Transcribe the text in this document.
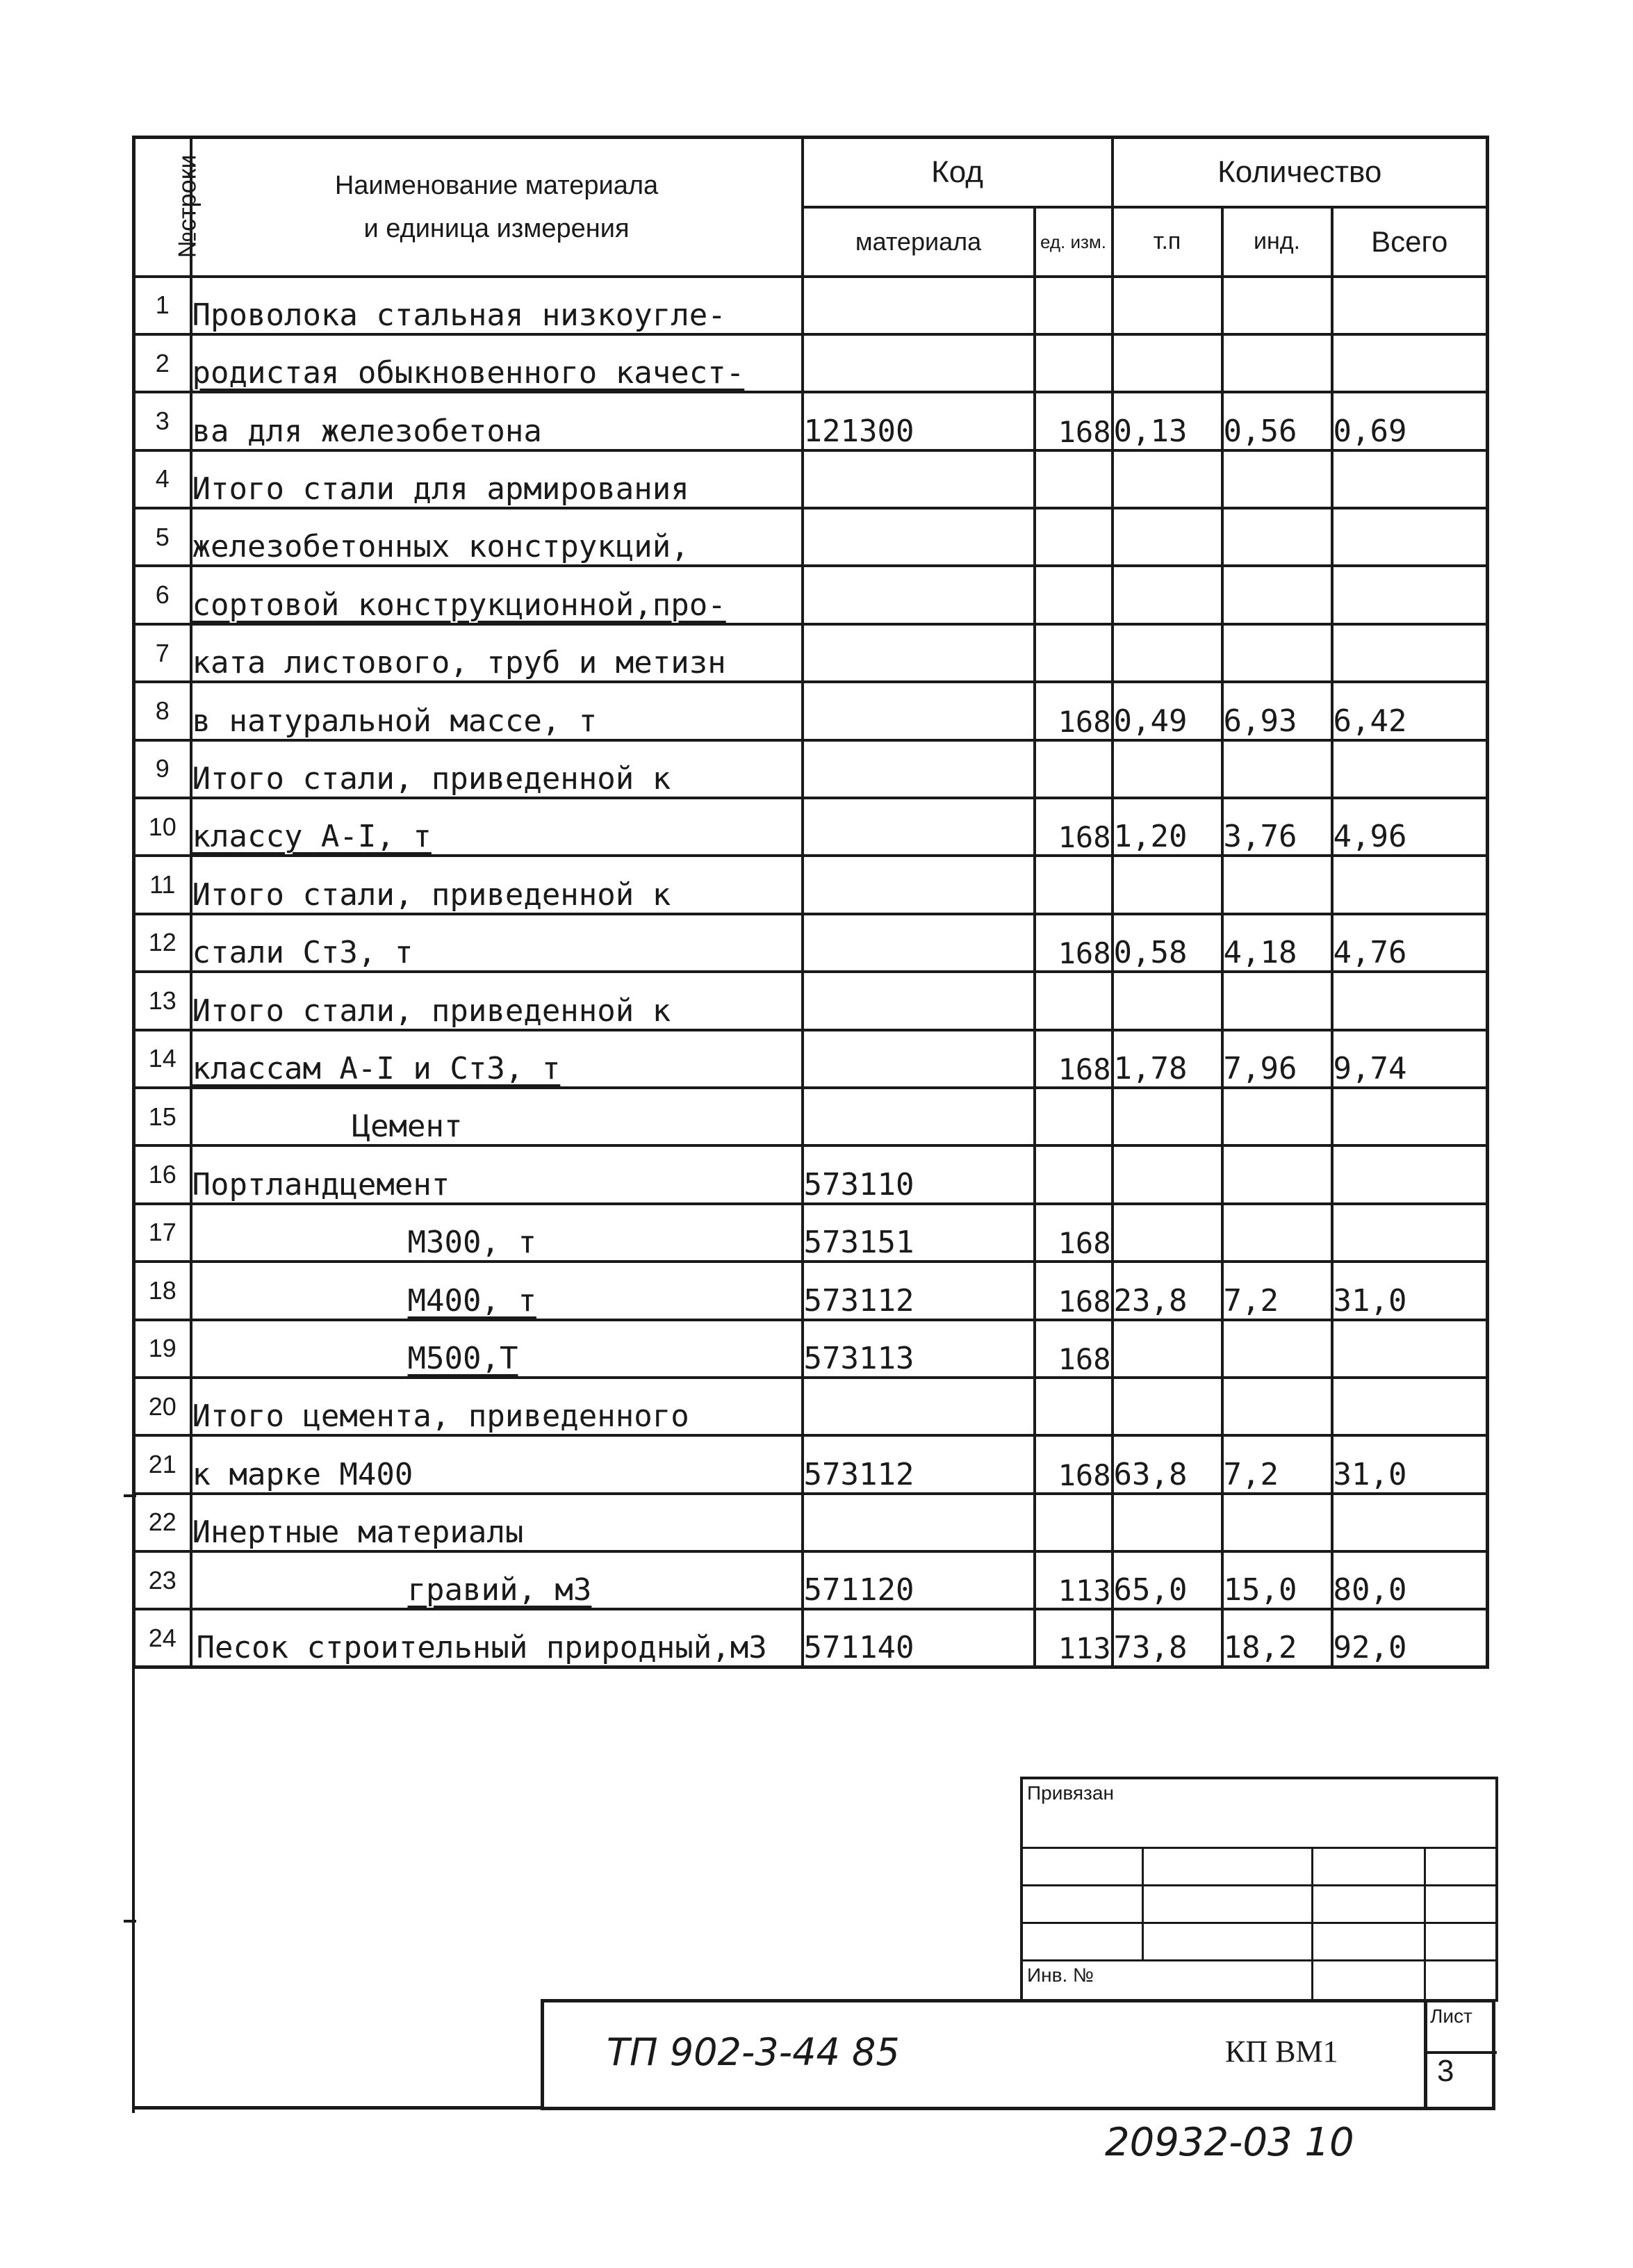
№строки	Наименование материала
и единица измерения	Код		Количество		
		материала	ед. изм.	т.п	инд.	Всего
1	Проволока стальная низкоугле-					
2	родистая обыкновенного качест-					
3	ва для железобетона	121300	168	0,13	0,56	0,69
4	Итого стали для армирования					
5	железобетонных конструкций,					
6	сортовой конструкционной,про-					
7	ката листового, труб и метизн					
8	в натуральной массе, т		168	0,49	6,93	6,42
9	Итого стали, приведенной к					
10	классу А-I, т		168	1,20	3,76	4,96
11	Итого стали, приведенной к					
12	стали Ст3, т		168	0,58	4,18	4,76
13	Итого стали, приведенной к					
14	классам А-I и Ст3, т		168	1,78	7,96	9,74
15	Цемент					
16	Портландцемент	573110				
17	М300, т	573151	168			
18	М400, т	573112	168	23,8	7,2	31,0
19	М500,Т	573113	168			
20	Итого цемента, приведенного					
21	к марке М400	573112	168	63,8	7,2	31,0
22	Инертные материалы					
23	гравий, м3	571120	113	65,0	15,0	80,0
24	Песок строительный природный,м3	571140	113	73,8	18,2	92,0
Привязан			

Инв. №			
ТП 902-3-44 85	КП ВМ1
Лист
3
20932-03 10
